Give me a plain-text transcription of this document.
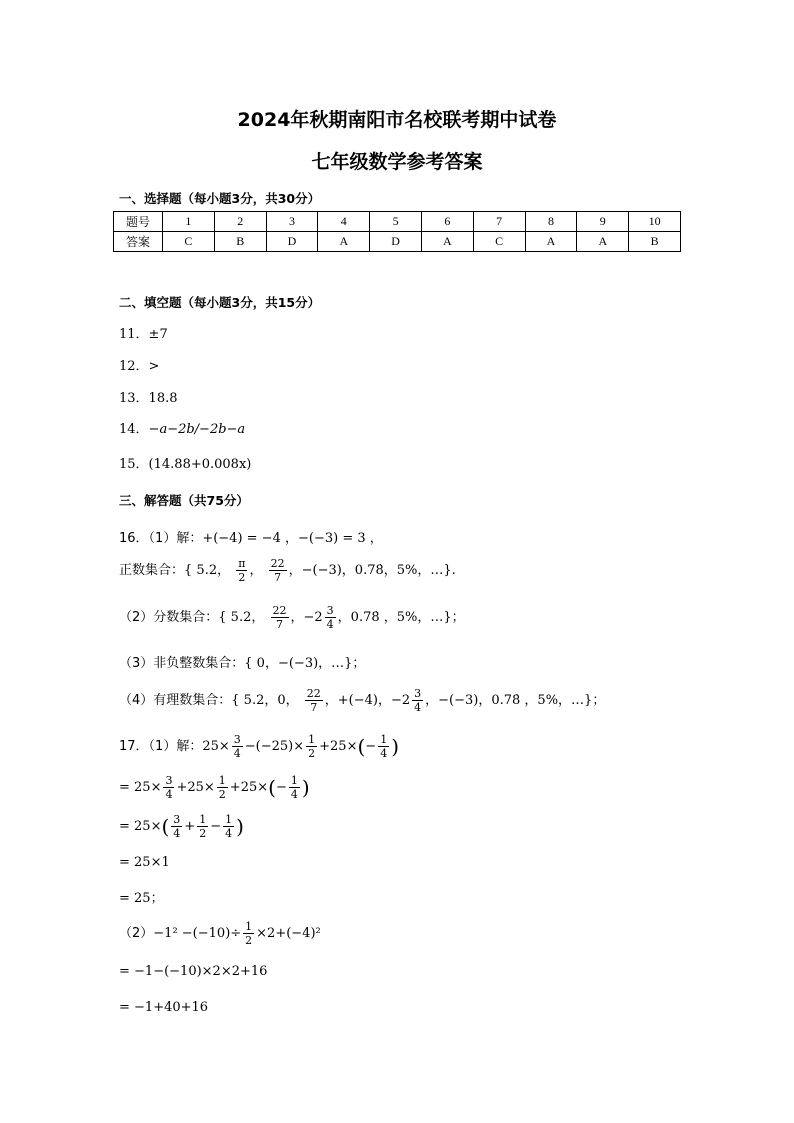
2024年秋期南阳市名校联考期中试卷
七年级数学参考答案
一、选择题（每小题3分，共30分）
题号	1	2	3	4	5	6	7	8	9	10
答案	C	B	D	A	D	A	C	A	A	B
二、填空题（每小题3分，共15分）
11．±7
12．>
13．18.8
14．−a−2b/−2b−a
15．(14.88+0.008x)
三、解答题（共75分）
16．（1）解：+(−4) = −4 ，−(−3) = 3 ，
正数集合：{ 5.2， $\frac{\pi}{2}$ ， $\frac{22}{7}$ ，−(−3)，0.78̇，5%，…}.
（2）分数集合：{ 5.2， $\frac{22}{7}$ ，$-2 \frac{3}{4}$ ，0.78̇ ，5%，…}；
（3）非负整数集合：{ 0，−(−3)，…}；
（4）有理数集合：{ 5.2，0， $\frac{22}{7}$ ，+(−4)，$-2 \frac{3}{4}$ ，−(−3)，0.78̇ ，5%，…}；
17．（1）解：$25\times \frac{3}{4} -(-25)\times \frac{1}{2} +25\times(- \frac{1}{4}$ )
= $25\times \frac{3}{4} +25\times \frac{1}{2} +25\times(- \frac{1}{4}$ )
= $25\times( \frac{3}{4} + \frac{1}{2} - \frac{1}{4}$ )
= 25×1
= 25；
$(2)-1^2 -(-10)\div \frac{1}{2} \times 2+(-4)^2$
= −1−(−10)×2×2+16
= −1+40+16
